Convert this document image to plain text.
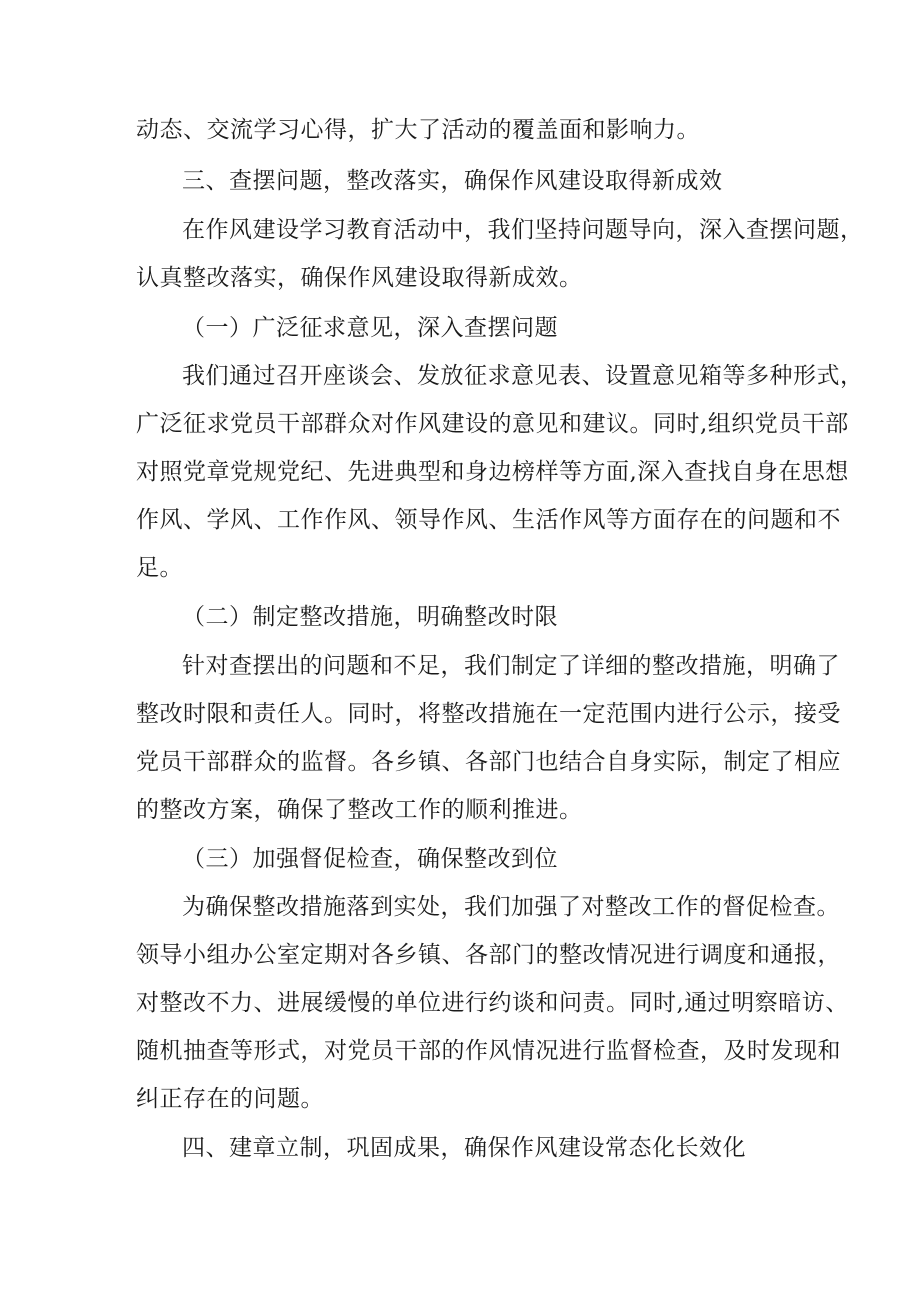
动态、交流学习心得，扩大了活动的覆盖面和影响力。
三、查摆问题，整改落实，确保作风建设取得新成效
在作风建设学习教育活动中，我们坚持问题导向，深入查摆问题，
认真整改落实，确保作风建设取得新成效。
（一）广泛征求意见，深入查摆问题
我们通过召开座谈会、发放征求意见表、设置意见箱等多种形式，
广泛征求党员干部群众对作风建设的意见和建议。同时,组织党员干部
对照党章党规党纪、先进典型和身边榜样等方面,深入查找自身在思想
作风、学风、工作作风、领导作风、生活作风等方面存在的问题和不
足。
（二）制定整改措施，明确整改时限
针对查摆出的问题和不足，我们制定了详细的整改措施，明确了
整改时限和责任人。同时，将整改措施在一定范围内进行公示，接受
党员干部群众的监督。各乡镇、各部门也结合自身实际，制定了相应
的整改方案，确保了整改工作的顺利推进。
（三）加强督促检查，确保整改到位
为确保整改措施落到实处，我们加强了对整改工作的督促检查。
领导小组办公室定期对各乡镇、各部门的整改情况进行调度和通报，
对整改不力、进展缓慢的单位进行约谈和问责。同时,通过明察暗访、
随机抽查等形式，对党员干部的作风情况进行监督检查，及时发现和
纠正存在的问题。
四、建章立制，巩固成果，确保作风建设常态化长效化
